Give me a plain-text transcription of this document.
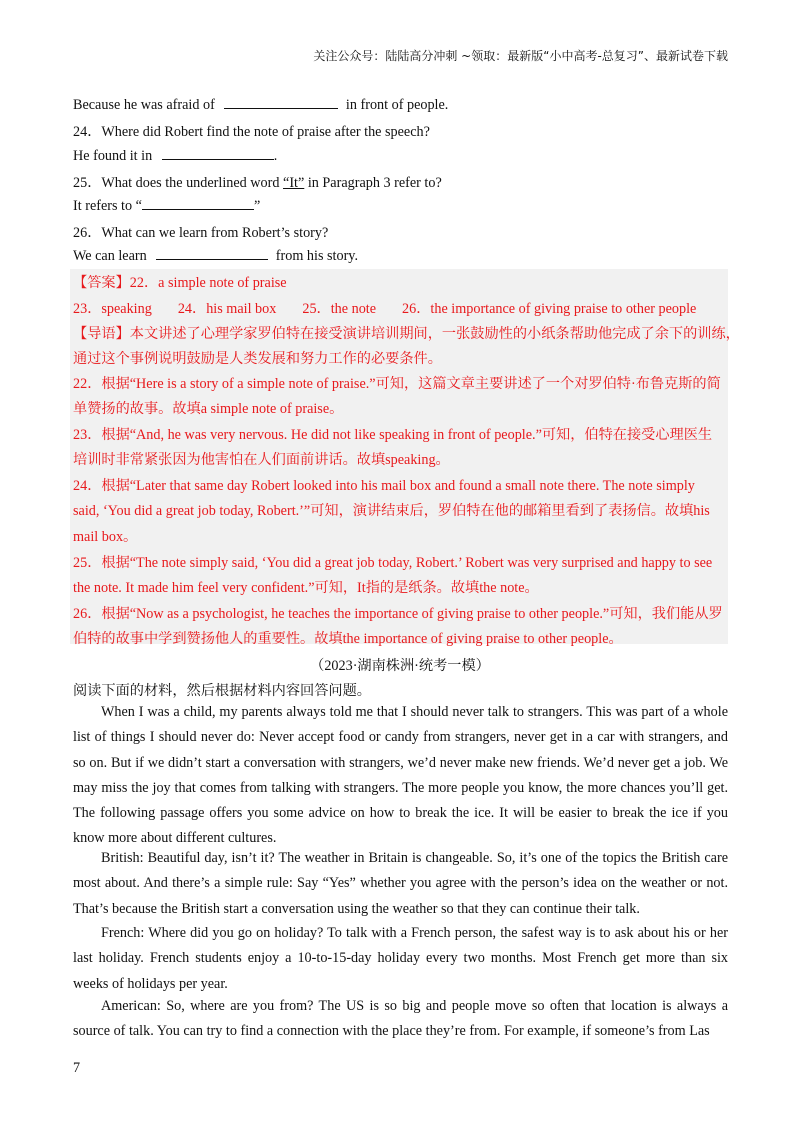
关注公众号：陆陆高分冲刺 ~领取：最新版“小中高考-总复习”、最新试卷下载
Because he was afraid of	in front of people.
24．Where did Robert find the note of praise after the speech?
He found it in	.
25．What does the underlined word “It” in Paragraph 3 refer to?
It refers to “	”
26．What can we learn from Robert’s story?
We can learn	from his story.
【答案】22．a simple note of praise
23．speaking 24．his mail box 25．the note 26．the importance of giving praise to other people
【导语】本文讲述了心理学家罗伯特在接受演讲培训期间，一张鼓励性的小纸条帮助他完成了余下的训练，
通过这个事例说明鼓励是人类发展和努力工作的必要条件。
22．根据“Here is a story of a simple note of praise.”可知，这篇文章主要讲述了一个对罗伯特·布鲁克斯的简
单赞扬的故事。故填a simple note of praise。
23．根据“And, he was very nervous. He did not like speaking in front of people.”可知，伯特在接受心理医生
培训时非常紧张因为他害怕在人们面前讲话。故填speaking。
24．根据“Later that same day Robert looked into his mail box and found a small note there. The note simply
said, ‘You did a great job today, Robert.’”可知，演讲结束后，罗伯特在他的邮箱里看到了表扬信。故填his
mail box。
25．根据“The note simply said, ‘You did a great job today, Robert.’ Robert was very surprised and happy to see
the note. It made him feel very confident.”可知，It指的是纸条。故填the note。
26．根据“Now as a psychologist, he teaches the importance of giving praise to other people.”可知，我们能从罗
伯特的故事中学到赞扬他人的重要性。故填the importance of giving praise to other people。
（2023·湖南株洲·统考一模）
阅读下面的材料，然后根据材料内容回答问题。
When I was a child, my parents always told me that I should never talk to strangers. This was part of a whole list of things I should never do: Never accept food or candy from strangers, never get in a car with strangers, and so on. But if we didn’t start a conversation with strangers, we’d never make new friends. We’d never get a job. We may miss the joy that comes from talking with strangers. The more people you know, the more chances you’ll get. The following passage offers you some advice on how to break the ice. It will be easier to break the ice if you know more about different cultures.
British: Beautiful day, isn’t it? The weather in Britain is changeable. So, it’s one of the topics the British care most about. And there’s a simple rule: Say “Yes” whether you agree with the person’s idea on the weather or not. That’s because the British start a conversation using the weather so that they can continue their talk.
French: Where did you go on holiday? To talk with a French person, the safest way is to ask about his or her last holiday. French students enjoy a 10-to-15-day holiday every two months. Most French get more than six weeks of holidays per year.
American: So, where are you from? The US is so big and people move so often that location is always a source of talk. You can try to find a connection with the place they’re from. For example, if someone’s from Las
7
